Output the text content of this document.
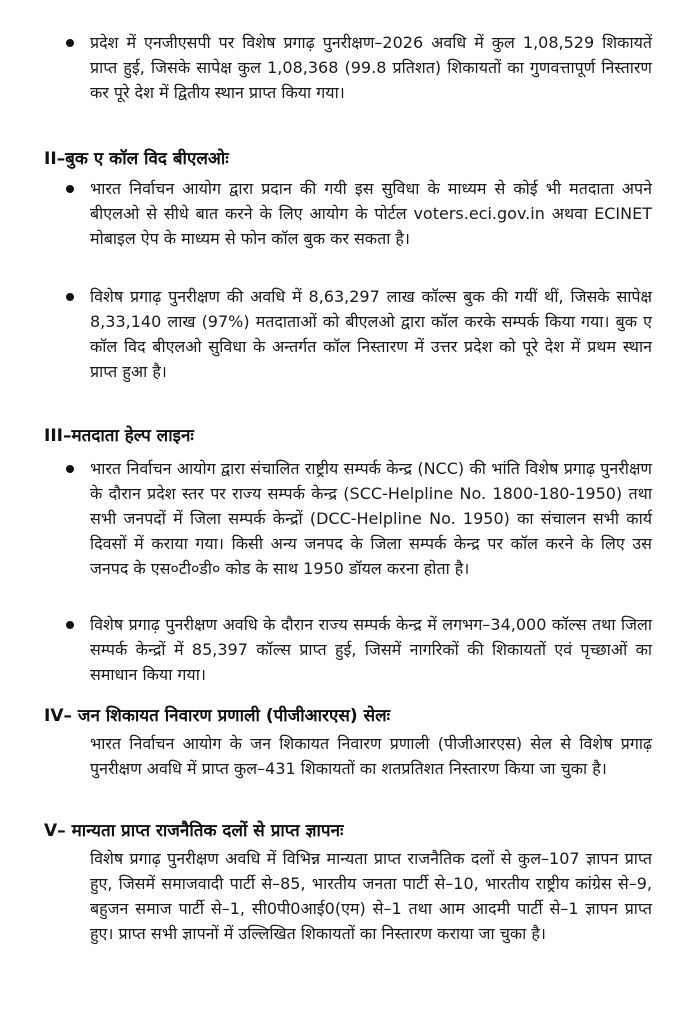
प्रदेश में एनजीएसपी पर विशेष प्रगाढ़ पुनरीक्षण–2026 अवधि में कुल 1,08,529 शिकायतें प्राप्त हुई, जिसके सापेक्ष कुल 1,08,368 (99.8 प्रतिशत) शिकायतों का गुणवत्तापूर्ण निस्तारण कर पूरे देश में द्वितीय स्थान प्राप्त किया गया।
II–बुक ए कॉल विद बीएलओः
भारत निर्वाचन आयोग द्वारा प्रदान की गयी इस सुविधा के माध्यम से कोई भी मतदाता अपने बीएलओ से सीधे बात करने के लिए आयोग के पोर्टल voters.eci.gov.in अथवा ECINET मोबाइल ऐप के माध्यम से फोन कॉल बुक कर सकता है।
विशेष प्रगाढ़ पुनरीक्षण की अवधि में 8,63,297 लाख कॉल्स बुक की गयीं थीं, जिसके सापेक्ष 8,33,140 लाख (97%) मतदाताओं को बीएलओ द्वारा कॉल करके सम्पर्क किया गया। बुक ए कॉल विद बीएलओ सुविधा के अन्तर्गत कॉल निस्तारण में उत्तर प्रदेश को पूरे देश में प्रथम स्थान प्राप्त हुआ है।
III–मतदाता हेल्प लाइनः
भारत निर्वाचन आयोग द्वारा संचालित राष्ट्रीय सम्पर्क केन्द्र (NCC) की भांति विशेष प्रगाढ़ पुनरीक्षण के दौरान प्रदेश स्तर पर राज्य सम्पर्क केन्द्र (SCC-Helpline No. 1800-180-1950) तथा सभी जनपदों में जिला सम्पर्क केन्द्रों (DCC-Helpline No. 1950) का संचालन सभी कार्य दिवसों में कराया गया। किसी अन्य जनपद के जिला सम्पर्क केन्द्र पर कॉल करने के लिए उस जनपद के एस०टी०डी० कोड के साथ 1950 डॉयल करना होता है।
विशेष प्रगाढ़ पुनरीक्षण अवधि के दौरान राज्य सम्पर्क केन्द्र में लगभग–34,000 कॉल्स तथा जिला सम्पर्क केन्द्रों में 85,397 कॉल्स प्राप्त हुई, जिसमें नागरिकों की शिकायतों एवं पृच्छाओं का समाधान किया गया।
IV– जन शिकायत निवारण प्रणाली (पीजीआरएस) सेलः
भारत निर्वाचन आयोग के जन शिकायत निवारण प्रणाली (पीजीआरएस) सेल से विशेष प्रगाढ़ पुनरीक्षण अवधि में प्राप्त कुल–431 शिकायतों का शतप्रतिशत निस्तारण किया जा चुका है।
V– मान्यता प्राप्त राजनैतिक दलों से प्राप्त ज्ञापनः
विशेष प्रगाढ़ पुनरीक्षण अवधि में विभिन्न मान्यता प्राप्त राजनैतिक दलों से कुल–107 ज्ञापन प्राप्त हुए, जिसमें समाजवादी पार्टी से–85, भारतीय जनता पार्टी से–10, भारतीय राष्ट्रीय कांग्रेस से–9, बहुजन समाज पार्टी से–1, सी0पी0आई0(एम) से–1 तथा आम आदमी पार्टी से–1 ज्ञापन प्राप्त हुए। प्राप्त सभी ज्ञापनों में उल्लिखित शिकायतों का निस्तारण कराया जा चुका है।
